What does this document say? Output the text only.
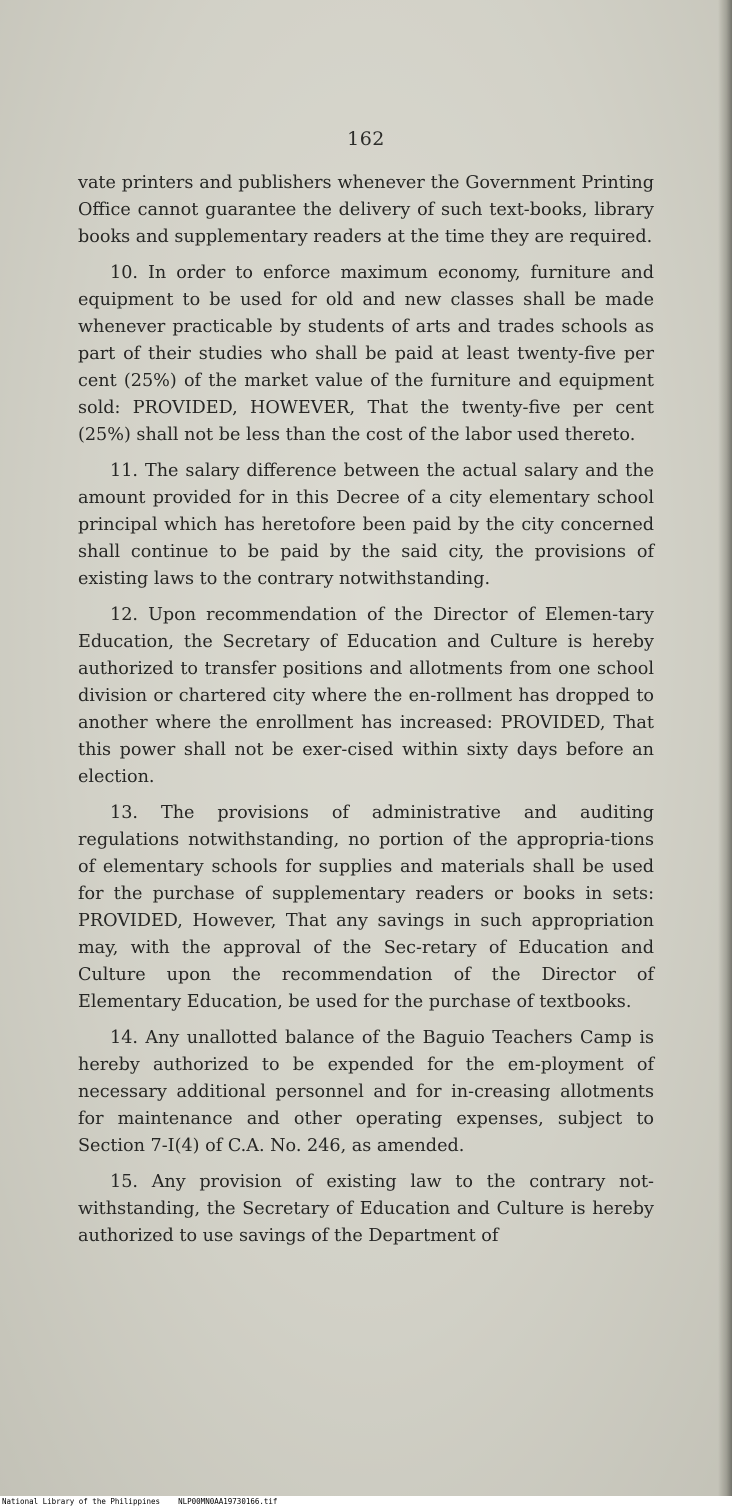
162

vate printers and publishers whenever the Government Printing Office cannot guarantee the delivery of such text-books, library books and supplementary readers at the time they are required.

10. In order to enforce maximum economy, furniture and equipment to be used for old and new classes shall be made whenever practicable by students of arts and trades schools as part of their studies who shall be paid at least twenty-five per cent (25%) of the market value of the furniture and equipment sold: PROVIDED, HOWEVER, That the twenty-five per cent (25%) shall not be less than the cost of the labor used thereto.

11. The salary difference between the actual salary and the amount provided for in this Decree of a city elementary school principal which has heretofore been paid by the city concerned shall continue to be paid by the said city, the provisions of existing laws to the contrary notwithstanding.

12. Upon recommendation of the Director of Elemen-tary Education, the Secretary of Education and Culture is hereby authorized to transfer positions and allotments from one school division or chartered city where the en-rollment has dropped to another where the enrollment has increased: PROVIDED, That this power shall not be exer-cised within sixty days before an election.

13. The provisions of administrative and auditing regulations notwithstanding, no portion of the appropria-tions of elementary schools for supplies and materials shall be used for the purchase of supplementary readers or books in sets: PROVIDED, However, That any savings in such appropriation may, with the approval of the Sec-retary of Education and Culture upon the recommendation of the Director of Elementary Education, be used for the purchase of textbooks.

14. Any unallotted balance of the Baguio Teachers Camp is hereby authorized to be expended for the em-ployment of necessary additional personnel and for in-creasing allotments for maintenance and other operating expenses, subject to Section 7-I(4) of C.A. No. 246, as amended.

15. Any provision of existing law to the contrary not-withstanding, the Secretary of Education and Culture is hereby authorized to use savings of the Department of

National Library of the Philippines    NLP00MN0AA19730166.tif
